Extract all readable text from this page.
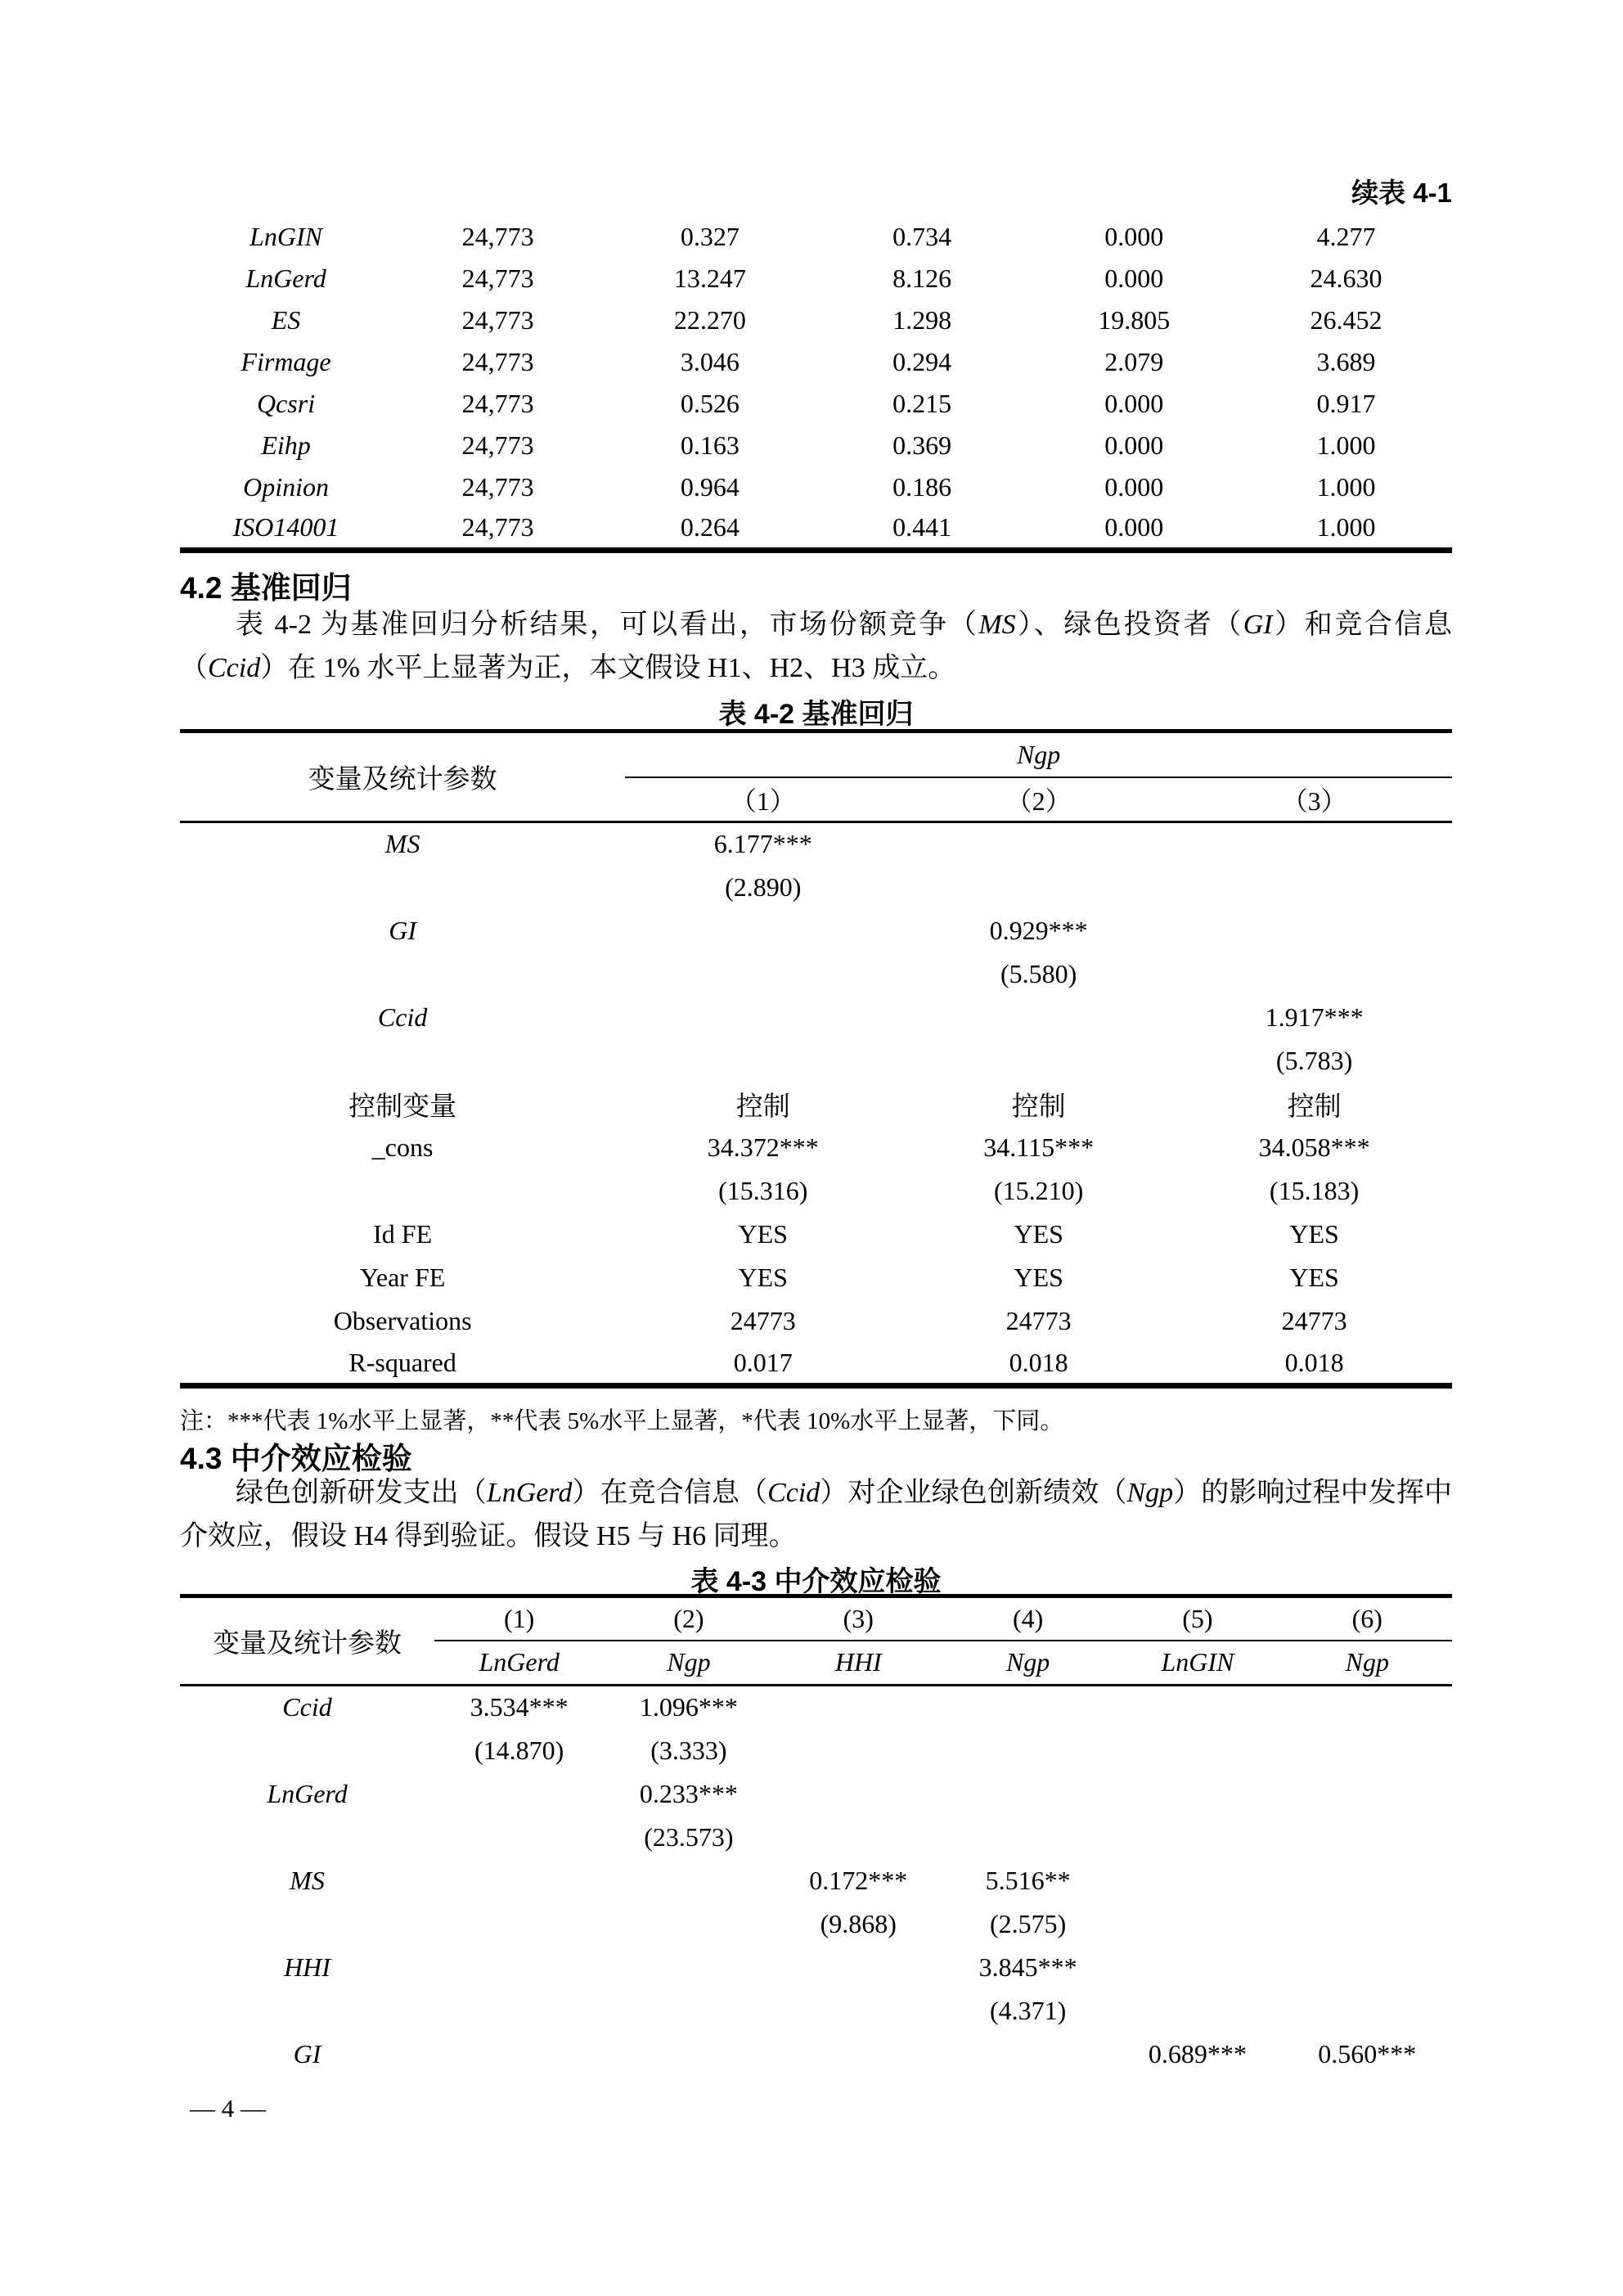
续表 4-1
LnGIN	24,773	0.327	0.734	0.000	4.277
LnGerd	24,773	13.247	8.126	0.000	24.630
ES	24,773	22.270	1.298	19.805	26.452
Firmage	24,773	3.046	0.294	2.079	3.689
Qcsri	24,773	0.526	0.215	0.000	0.917
Eihp	24,773	0.163	0.369	0.000	1.000
Opinion	24,773	0.964	0.186	0.000	1.000
ISO14001	24,773	0.264	0.441	0.000	1.000
4.2 基准回归

表 4-2 为基准回归分析结果，可以看出，市场份额竞争（MS）、绿色投资者（GI）和竞合信息（Ccid）在 1% 水平上显著为正，本文假设 H1、H2、H3 成立。

表 4-2 基准回归
变量及统计参数	Ngp		
	（1）	（2）	（3）
MS	6.177***		
	(2.890)		
GI		0.929***	
		(5.580)	
Ccid			1.917***
			(5.783)
控制变量	控制	控制	控制
_cons	34.372***	34.115***	34.058***
	(15.316)	(15.210)	(15.183)
Id FE	YES	YES	YES
Year FE	YES	YES	YES
Observations	24773	24773	24773
R-squared	0.017	0.018	0.018
注：***代表 1%水平上显著，**代表 5%水平上显著，*代表 10%水平上显著，下同。
4.3 中介效应检验

绿色创新研发支出（LnGerd）在竞合信息（Ccid）对企业绿色创新绩效（Ngp）的影响过程中发挥中介效应，假设 H4 得到验证。假设 H5 与 H6 同理。

表 4-3 中介效应检验
变量及统计参数	(1)	(2)	(3)	(4)	(5)	(6)
	LnGerd	Ngp	HHI	Ngp	LnGIN	Ngp
Ccid	3.534***	1.096***				
	(14.870)	(3.333)				
LnGerd		0.233***				
		(23.573)				
MS			0.172***	5.516**		
			(9.868)	(2.575)		
HHI				3.845***		
				(4.371)		
GI					0.689***	0.560***
— 4 —
